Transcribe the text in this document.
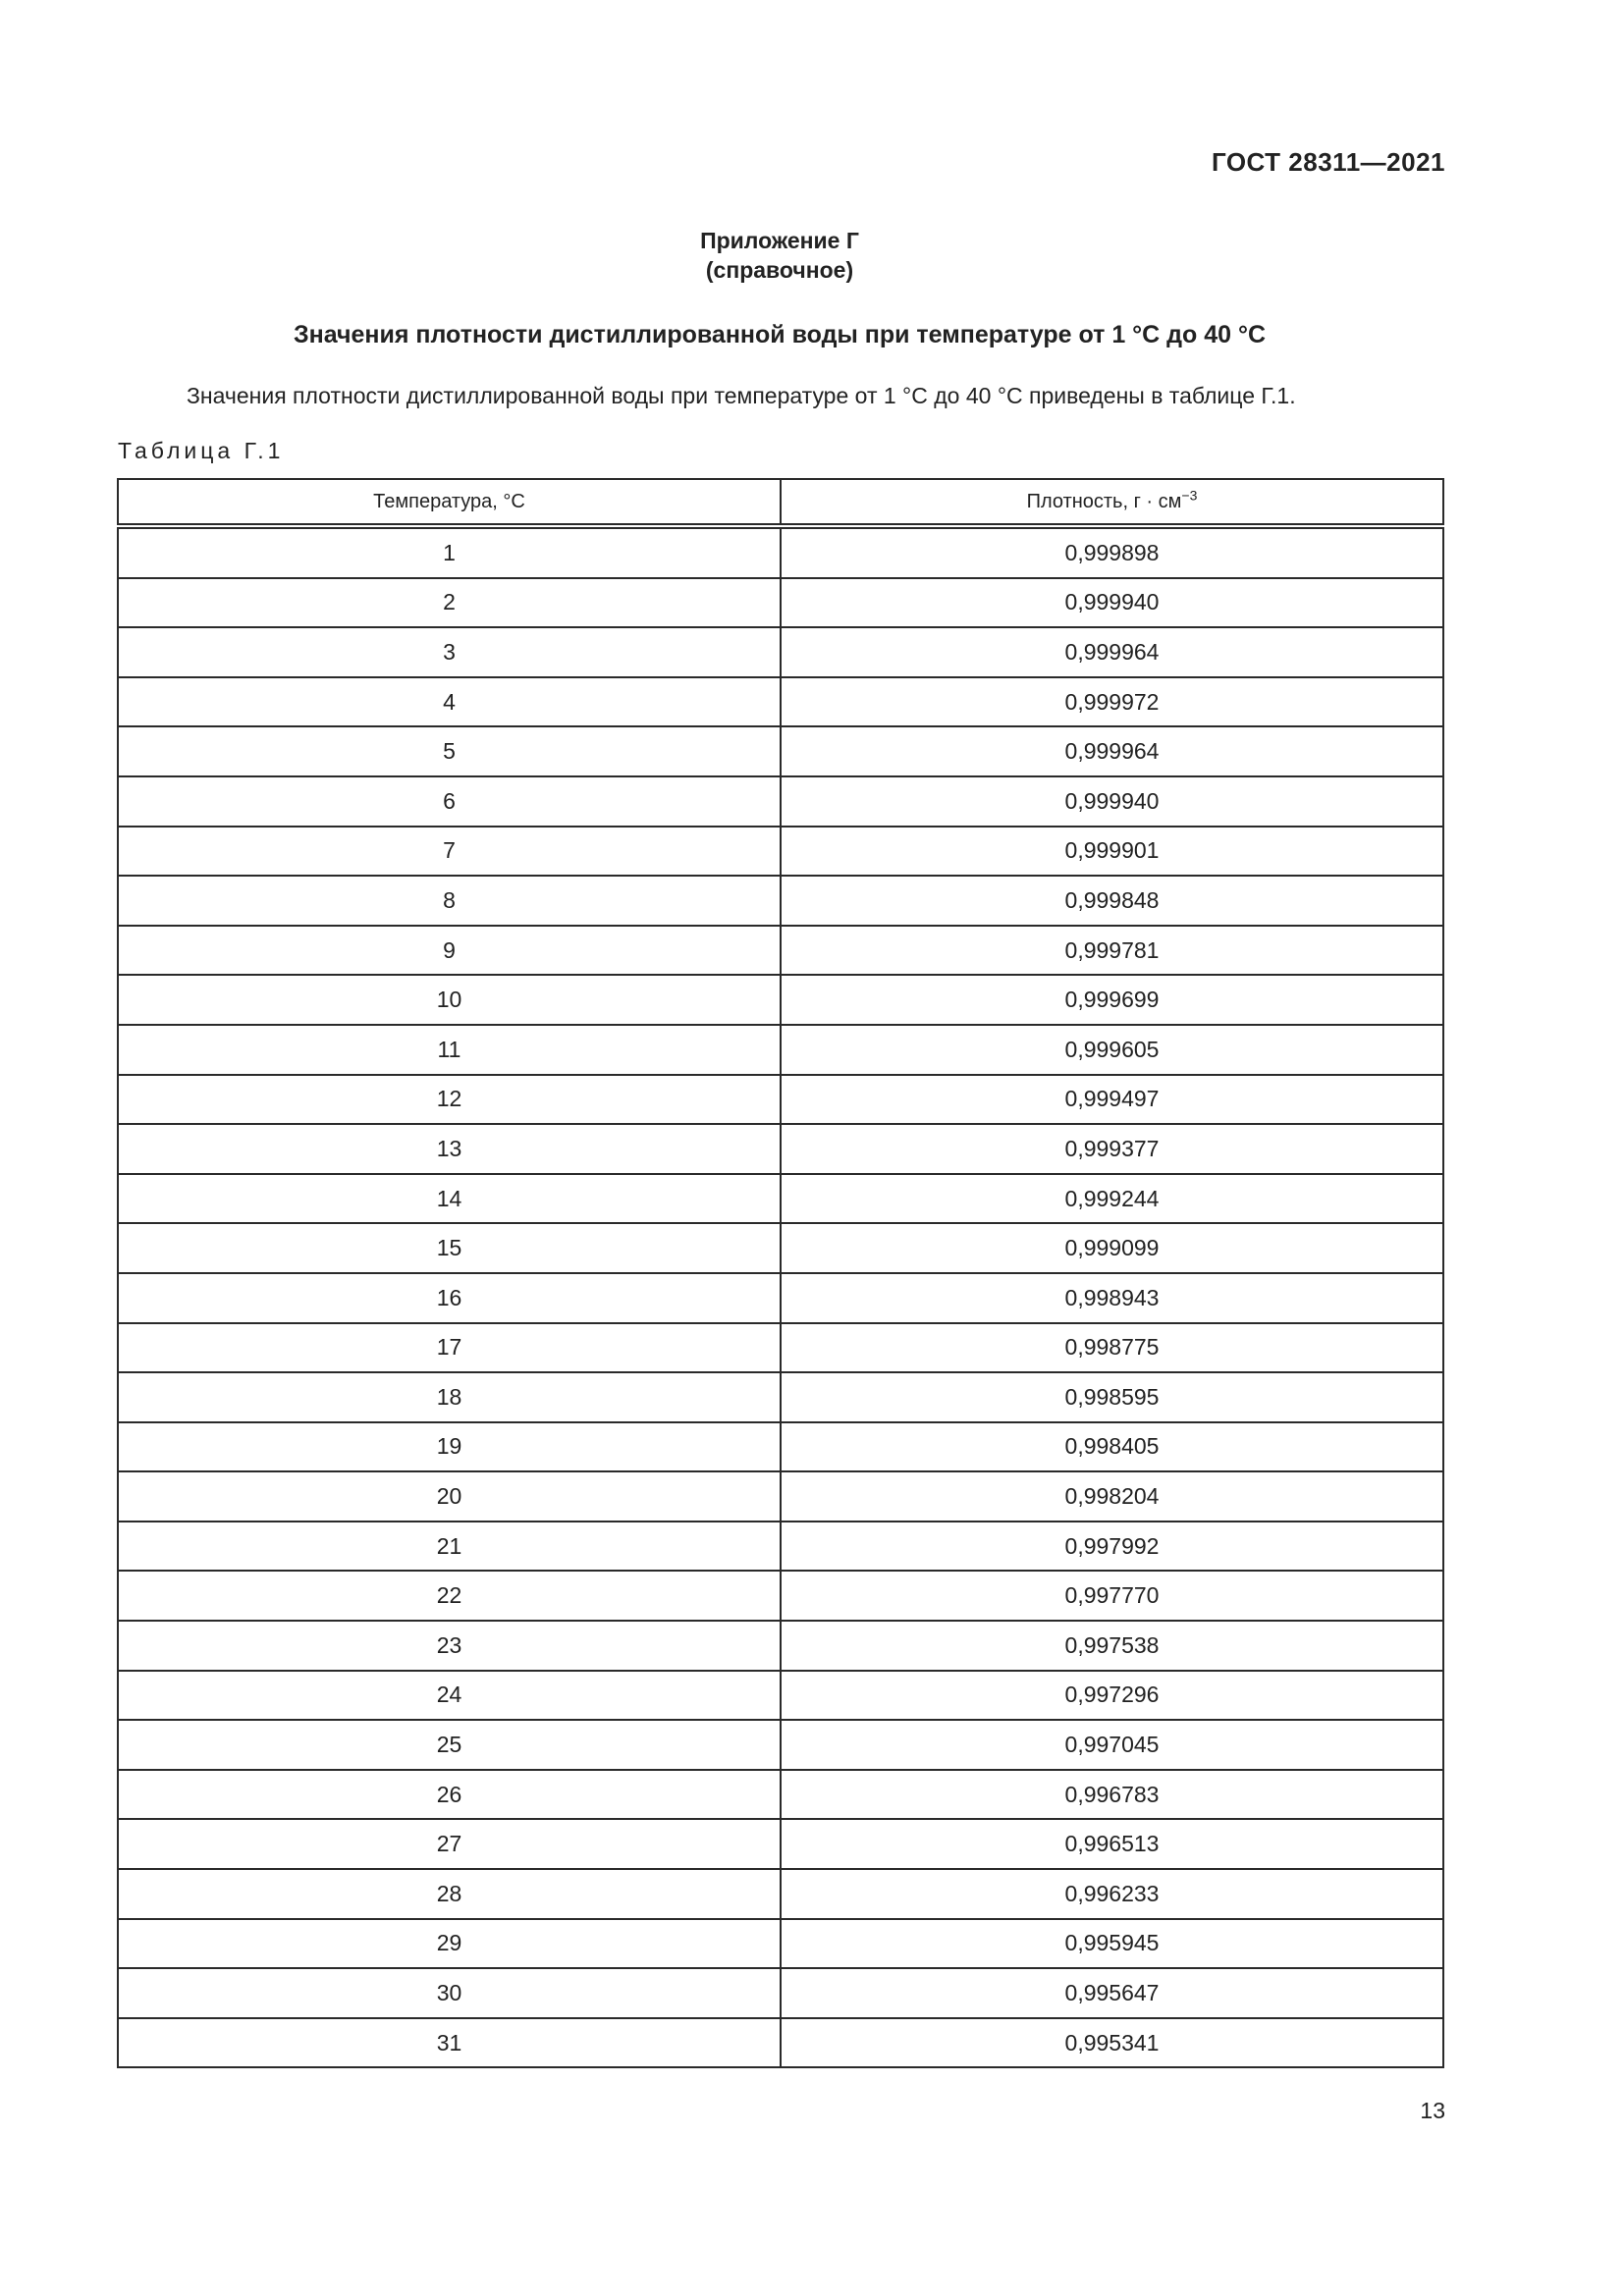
ГОСТ 28311—2021
Приложение Г
(справочное)
Значения плотности дистиллированной воды при температуре от 1 °С до 40 °С
Значения плотности дистиллированной воды при температуре от 1 °С до 40 °С приведены в таблице Г.1.
Таблица Г.1
Температура, °С	Плотность, $г \cdot см^{-3}$
1	0,999898
2	0,999940
3	0,999964
4	0,999972
5	0,999964
6	0,999940
7	0,999901
8	0,999848
9	0,999781
10	0,999699
11	0,999605
12	0,999497
13	0,999377
14	0,999244
15	0,999099
16	0,998943
17	0,998775
18	0,998595
19	0,998405
20	0,998204
21	0,997992
22	0,997770
23	0,997538
24	0,997296
25	0,997045
26	0,996783
27	0,996513
28	0,996233
29	0,995945
30	0,995647
31	0,995341
13
